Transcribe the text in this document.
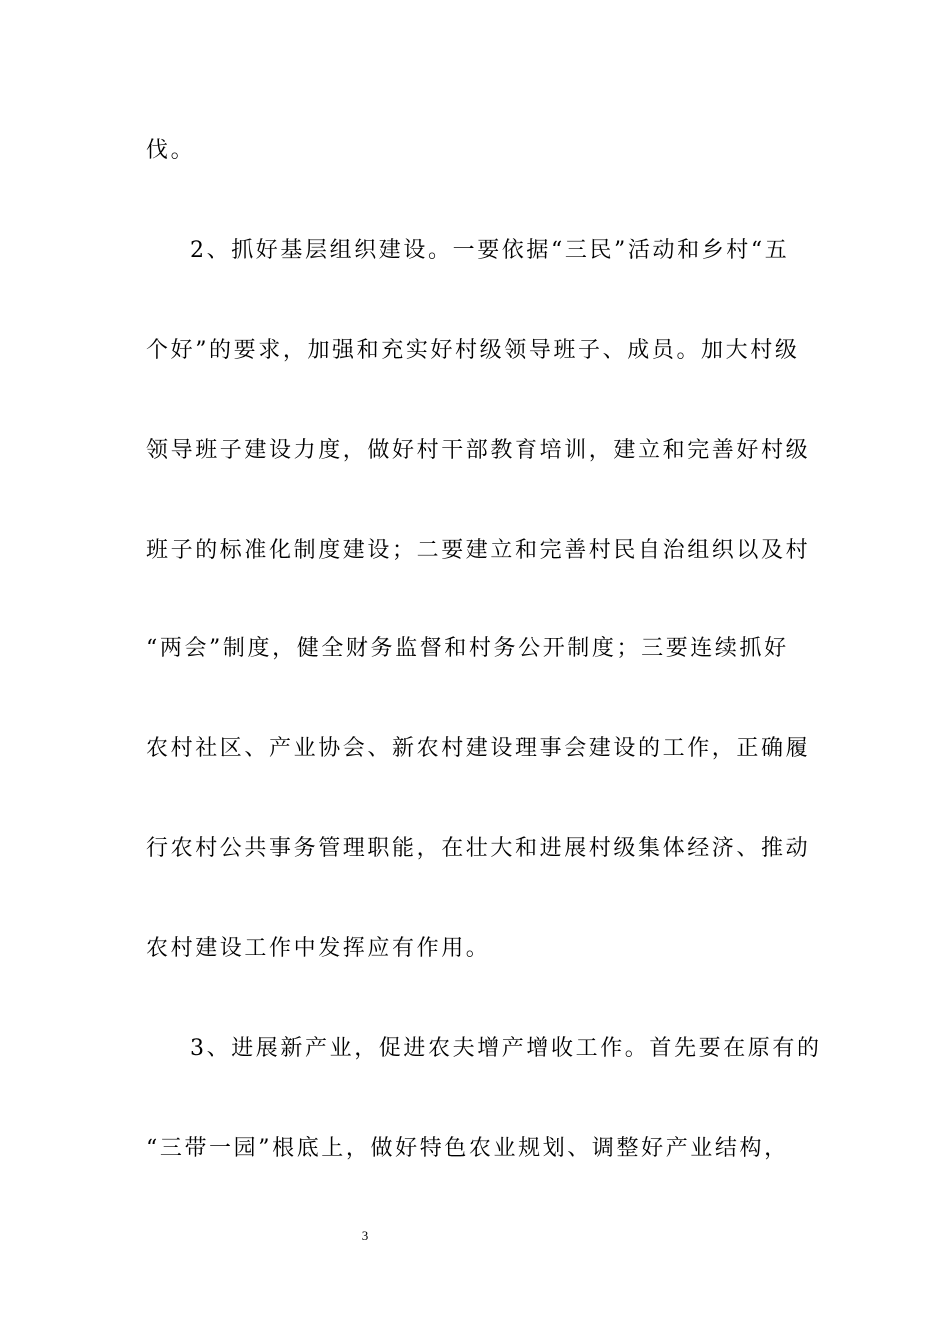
伐。
2、抓好基层组织建设。一要依据“三民”活动和乡村“五
个好”的要求，加强和充实好村级领导班子、成员。加大村级
领导班子建设力度，做好村干部教育培训，建立和完善好村级
班子的标准化制度建设；二要建立和完善村民自治组织以及村
“两会”制度，健全财务监督和村务公开制度；三要连续抓好
农村社区、产业协会、新农村建设理事会建设的工作，正确履
行农村公共事务管理职能，在壮大和进展村级集体经济、推动
农村建设工作中发挥应有作用。
3、进展新产业，促进农夫增产增收工作。首先要在原有的
“三带一园”根底上，做好特色农业规划、调整好产业结构，
3
